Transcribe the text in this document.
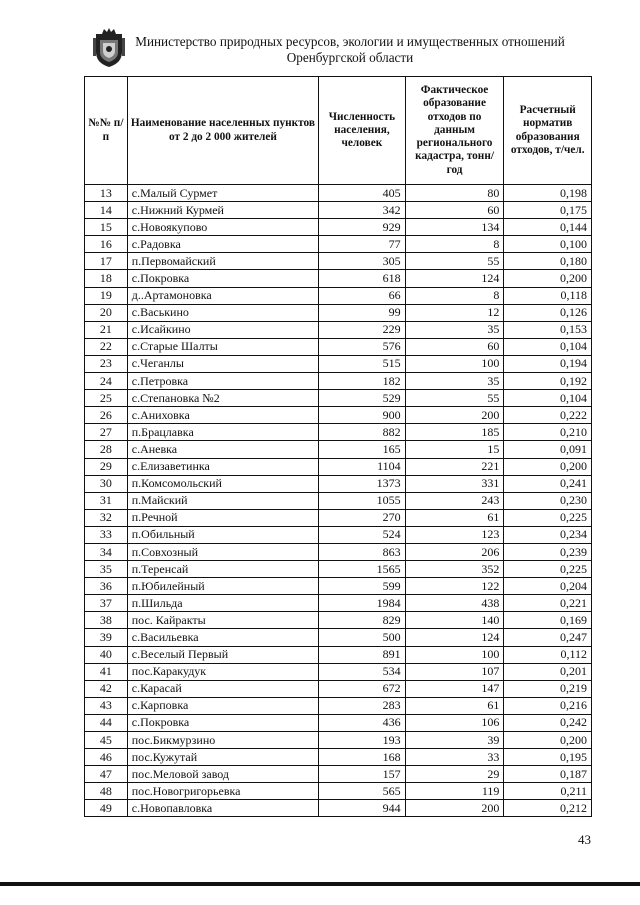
Министерство природных ресурсов, экологии и имущественных отношений
Оренбургской области
№№ п/п	Наименование населенных пунктов от 2 до 2 000 жителей	Численность населения, человек	Фактическое образование отходов по данным регионального кадастра, тонн/год	Расчетный норматив образования отходов, т/чел.
13	с.Малый Сурмет	405	80	0,198
14	с.Нижний Курмей	342	60	0,175
15	с.Новоякупово	929	134	0,144
16	с.Радовка	77	8	0,100
17	п.Первомайский	305	55	0,180
18	с.Покровка	618	124	0,200
19	д..Артамоновка	66	8	0,118
20	с.Васькино	99	12	0,126
21	с.Исайкино	229	35	0,153
22	с.Старые Шалты	576	60	0,104
23	с.Чеганлы	515	100	0,194
24	с.Петровка	182	35	0,192
25	с.Степановка №2	529	55	0,104
26	с.Аниховка	900	200	0,222
27	п.Брацлавка	882	185	0,210
28	с.Аневка	165	15	0,091
29	с.Елизаветинка	1104	221	0,200
30	п.Комсомольский	1373	331	0,241
31	п.Майский	1055	243	0,230
32	п.Речной	270	61	0,225
33	п.Обильный	524	123	0,234
34	п.Совхозный	863	206	0,239
35	п.Теренсай	1565	352	0,225
36	п.Юбилейный	599	122	0,204
37	п.Шильда	1984	438	0,221
38	пос. Кайракты	829	140	0,169
39	с.Васильевка	500	124	0,247
40	с.Веселый Первый	891	100	0,112
41	пос.Каракудук	534	107	0,201
42	с.Карасай	672	147	0,219
43	с.Карповка	283	61	0,216
44	с.Покровка	436	106	0,242
45	пос.Бикмурзино	193	39	0,200
46	пос.Кужутай	168	33	0,195
47	пос.Меловой завод	157	29	0,187
48	пос.Новогригорьевка	565	119	0,211
49	с.Новопавловка	944	200	0,212
43
